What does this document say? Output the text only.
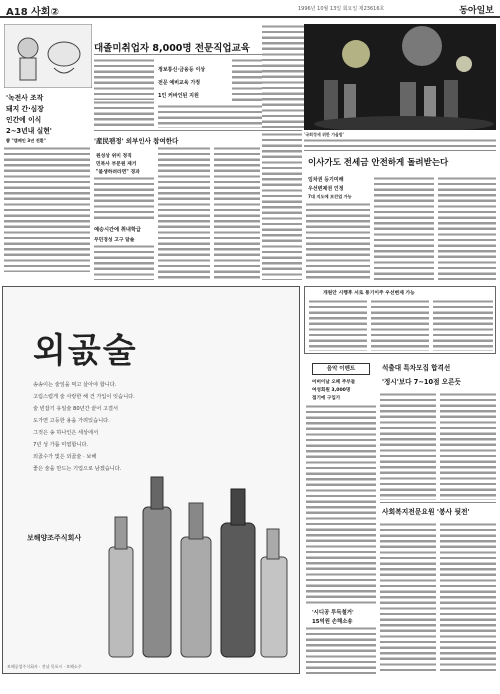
A18 사회②	1996년 10월 13일 회요일 제23616호	동아일보
'녹전사 조작
돼지 간·심장
인간에 이식
2~3년내 실현'
뽑 "캠페인 3년 전환"
대졸미취업자 8,000명 전문직업교육
정보통신·금융등 이상
전문 예비교육 가정
1인 커바인된 지원
'産民팬정' 외부인사 참여한다
원성상 위미 정직
민복사 부문원 제거
"불생하려라면" 경과
예승시간에 취내학급
무민경성 고구 달솔
'국회정세 위한 가을밤'
이사가도 전세금 안전하게 돌려받는다
임차권 등기미해
우선변제권 인정
7대 지도에 보건업 가능
외곬술
송송이는 술잎을 먹고 살아야 합니다.
고림스럽게 술 사랑한 해 건 가입이 잇습니다.
술 빈잡기 유일술 80년간 끝어 고결서
도가면 고등한 용을 가려있습니다.
그것은 송 하나인은 세상에서
7년 성 가룹 미엽합니다.
외곬수가 빛은 외곬술 · 보해
좋은 술을 만드는 기업으로 남겠습니다.
보해양조주식회사
보해공업주식회사 · 전남 목포시 · 보해소주
개원안 시행후 서로 통기이주 우선변제 가능
음악 이벤트
어버이날 오페 주부들
여성회원 3,000명
접기에 구입가
석출대 특차모집 합격선
'정시'보다 7~10점 오른듯
사회복지전문요원 '봉사 뒷전'
'시디공 투득철거'
15억원 손해소송
